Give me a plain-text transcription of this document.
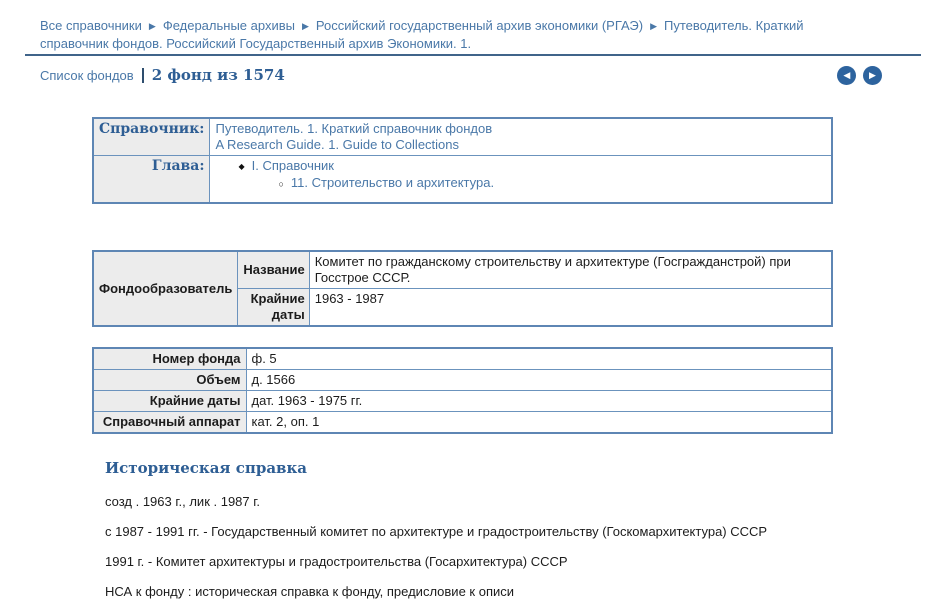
Все справочники ▶ Федеральные архивы ▶ Российский государственный архив экономики (РГАЭ) ▶ Путеводитель. Краткий справочник фондов. Российский Государственный архив Экономики. 1.
Список фондов 2 фонд из 1574	◀ ▶
Справочник:	Путеводитель. 1. Краткий справочник фондов
A Research Guide. 1. Guide to Collections

Глава:	◆ I. Справочник
○ 11. Строительство и архитектура.
Фондообразователь	Название	Комитет по гражданскому строительству и архитектуре (Госгражданстрой) при Госстрое СССР.
	Крайние даты	1963 - 1987
Номер фонда	ф. 5
Объем	д. 1566
Крайние даты	дат. 1963 - 1975 гг.
Справочный аппарат	кат. 2, оп. 1
Историческая справка

созд . 1963 г., лик . 1987 г.

с 1987 - 1991 гг. - Государственный комитет по архитектуре и градостроительству (Госкомархитектура) СССР

1991 г. - Комитет архитектуры и градостроительства (Госархитектура) СССР

НСА к фонду : историческая справка к фонду, предисловие к описи
